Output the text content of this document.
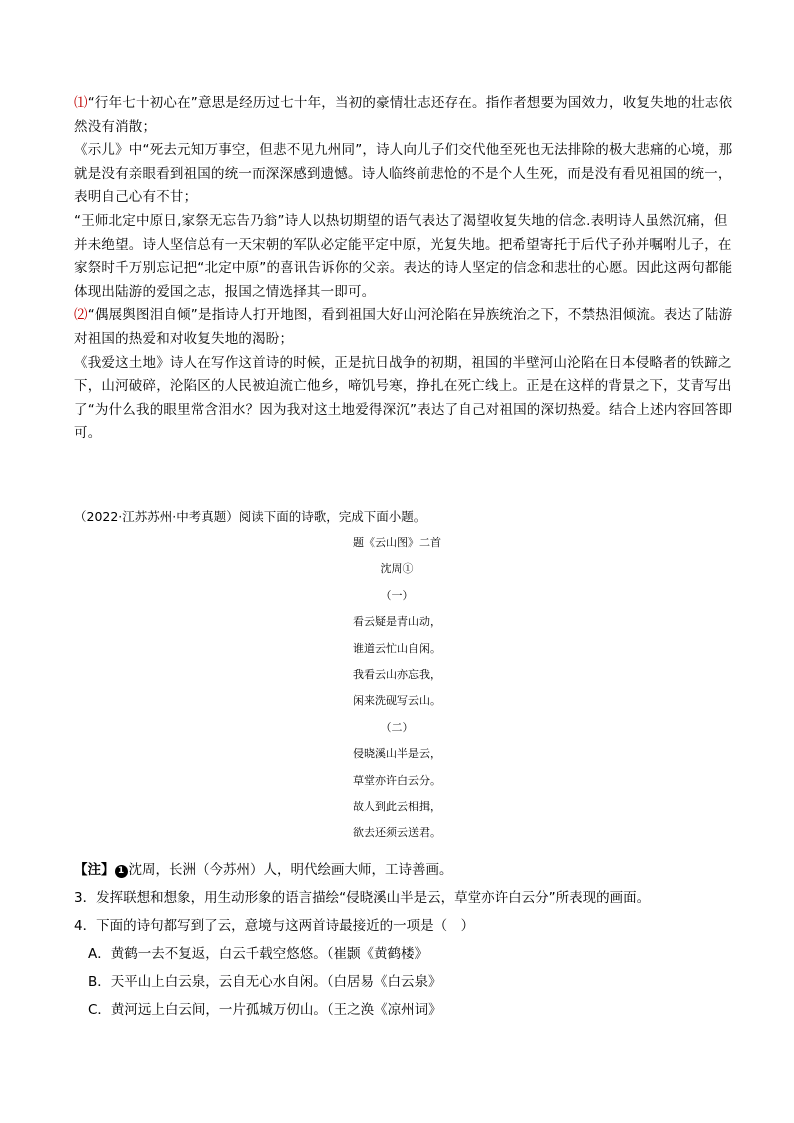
⑴“行年七十初心在”意思是经历过七十年，当初的豪情壮志还存在。指作者想要为国效力，收复失地的壮志依然没有消散；

《示儿》中“死去元知万事空，但悲不见九州同”，诗人向儿子们交代他至死也无法排除的极大悲痛的心境，那就是没有亲眼看到祖国的统一而深深感到遗憾。诗人临终前悲怆的不是个人生死，而是没有看见祖国的统一，表明自己心有不甘；

“王师北定中原日,家祭无忘告乃翁”诗人以热切期望的语气表达了渴望收复失地的信念.表明诗人虽然沉痛，但并未绝望。诗人坚信总有一天宋朝的军队必定能平定中原，光复失地。把希望寄托于后代子孙并嘱咐儿子，在家祭时千万别忘记把“北定中原”的喜讯告诉你的父亲。表达的诗人坚定的信念和悲壮的心愿。因此这两句都能体现出陆游的爱国之志，报国之情选择其一即可。

⑵“偶展舆图泪自倾”是指诗人打开地图，看到祖国大好山河沦陷在异族统治之下，不禁热泪倾流。表达了陆游对祖国的热爱和对收复失地的渴盼；

《我爱这土地》诗人在写作这首诗的时候，正是抗日战争的初期，祖国的半壁河山沦陷在日本侵略者的铁蹄之下，山河破碎，沦陷区的人民被迫流亡他乡，啼饥号寒，挣扎在死亡线上。正是在这样的背景之下，艾青写出了“为什么我的眼里常含泪水？因为我对这土地爱得深沉”表达了自己对祖国的深切热爱。结合上述内容回答即可。

（2022·江苏苏州·中考真题）阅读下面的诗歌，完成下面小题。
题《云山图》二首
沈周①
（一）
看云疑是青山动，
谁道云忙山自闲。
我看云山亦忘我，
闲来洗砚写云山。
（二）
侵晓溪山半是云，
草堂亦许白云分。
故人到此云相揖，
欲去还须云送君。

【注】 1 沈周，长洲（今苏州）人，明代绘画大师，工诗善画。

3．发挥联想和想象，用生动形象的语言描绘“侵晓溪山半是云，草堂亦许白云分”所表现的画面。

4．下面的诗句都写到了云，意境与这两首诗最接近的一项是（　）

A．黄鹤一去不复返，白云千载空悠悠。（崔颢《黄鹤楼》

B．天平山上白云泉，云自无心水自闲。（白居易《白云泉》

C．黄河远上白云间，一片孤城万仞山。（王之涣《凉州词》
